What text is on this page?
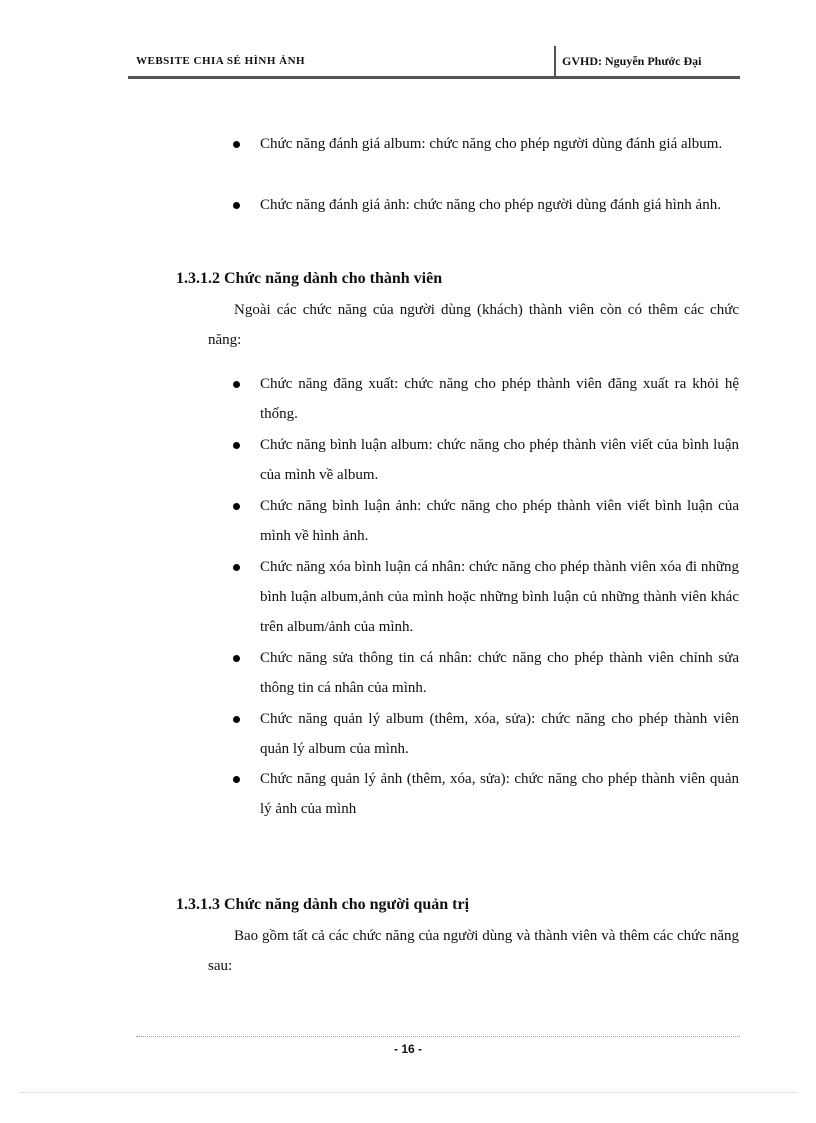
WEBSITE CHIA SẺ HÌNH ẢNH	GVHD: Nguyễn Phước Đại
Chức năng đánh giá album: chức năng cho phép người dùng đánh giá album.
Chức năng đánh giá ảnh: chức năng cho phép người dùng đánh giá hình ảnh.
1.3.1.2 Chức năng dành cho thành viên
Ngoài các chức năng của người dùng (khách) thành viên còn có thêm các chức năng:
Chức năng đăng xuất: chức năng cho phép thành viên đăng xuất ra khỏi hệ thống.
Chức năng bình luận album: chức năng cho phép thành viên viết của bình luận của mình về album.
Chức năng bình luận ảnh: chức năng cho phép thành viên viết bình luận của mình về hình ảnh.
Chức năng xóa bình luận cá nhân: chức năng cho phép thành viên xóa đi những bình luận album,ảnh của mình hoặc những bình luận củ những thành viên khác trên album/ảnh của mình.
Chức năng sửa thông tin cá nhân: chức năng cho phép thành viên chỉnh sửa thông tin cá nhân của mình.
Chức năng quản lý album (thêm, xóa, sửa): chức năng cho phép thành viên quản lý album của mình.
Chức năng quản lý ảnh (thêm, xóa, sửa): chức năng cho phép thành viên quản lý ảnh của mình
1.3.1.3 Chức năng dành cho người quản trị
Bao gồm tất cả các chức năng của người dùng và thành viên và thêm các chức năng sau:
- 16 -
